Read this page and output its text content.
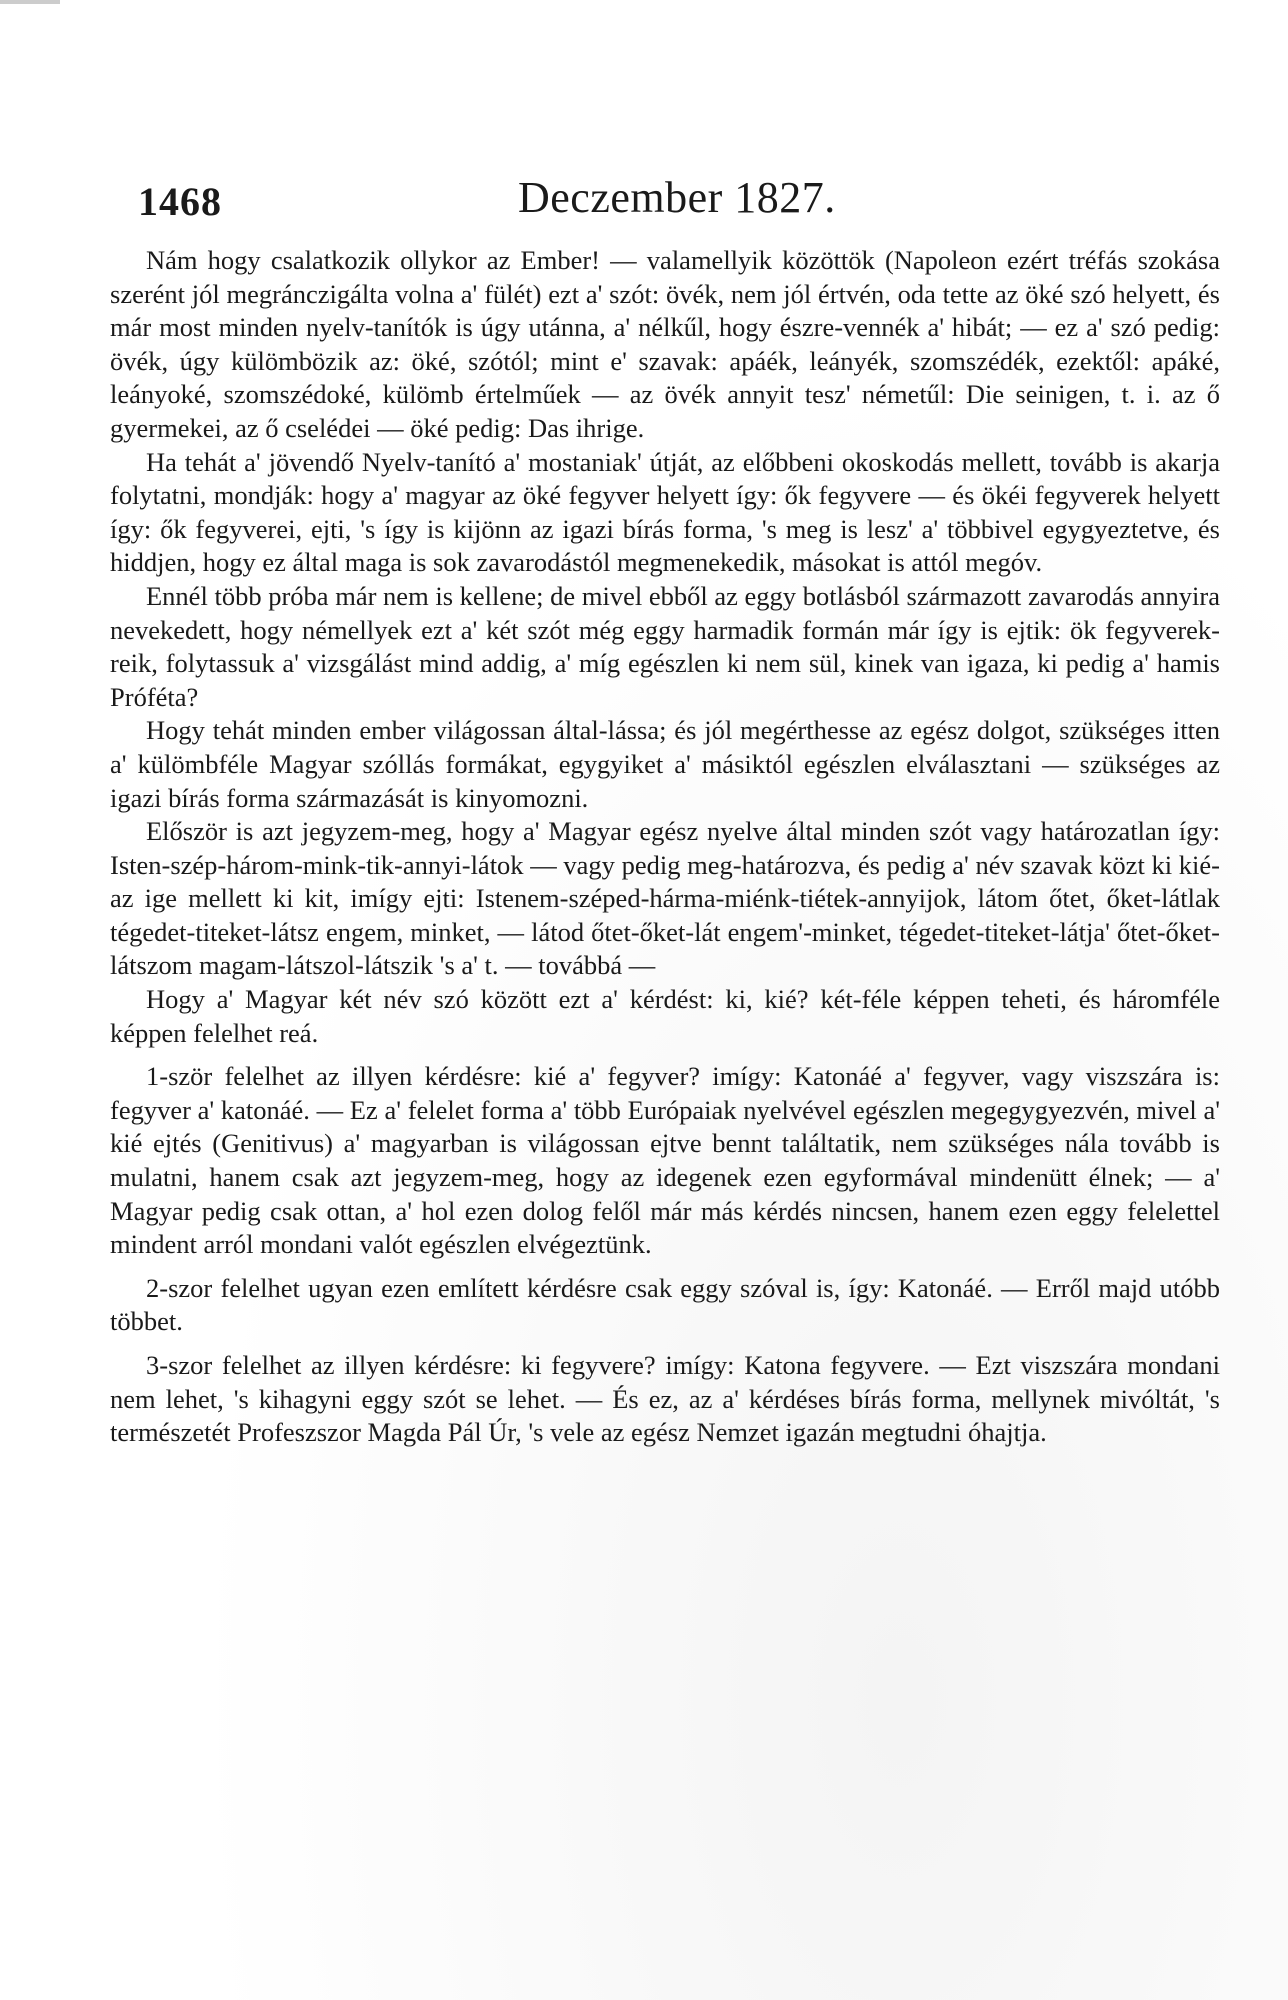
1468	Deczember 1827.

Nám hogy csalatkozik ollykor az Ember! — valamellyik közöttök (Napoleon ezért tréfás szokása szerént jól megránczigálta volna a' fülét) ezt a' szót: övék, nem jól értvén, oda tette az öké szó helyett, és már most minden nyelv-tanítók is úgy utánna, a' nélkűl, hogy észre-vennék a' hibát; — ez a' szó pedig: övék, úgy külömbözik az: öké, szótól; mint e' szavak: apáék, leányék, szomszédék, ezektől: apáké, leányoké, szomszédoké, külömb értelműek — az övék annyit tesz' németűl: Die seinigen, t. i. az ő gyermekei, az ő cselédei — öké pedig: Das ihrige.

Ha tehát a' jövendő Nyelv-tanító a' mostaniak' útját, az előbbeni okoskodás mellett, tovább is akarja folytatni, mondják: hogy a' magyar az öké fegyver helyett így: ők fegyvere — és ökéi fegyverek helyett így: ők fegyverei, ejti, 's így is kijönn az igazi bírás forma, 's meg is lesz' a' többivel egygyeztetve, és hiddjen, hogy ez által maga is sok zavarodástól megmenekedik, másokat is attól megóv.

Ennél több próba már nem is kellene; de mivel ebből az eggy botlásból származott zavarodás annyira nevekedett, hogy némellyek ezt a' két szót még eggy harmadik formán már így is ejtik: ök fegyverek-reik, folytassuk a' vizsgálást mind addig, a' míg egészlen ki nem sül, kinek van igaza, ki pedig a' hamis Próféta?

Hogy tehát minden ember világossan által-lássa; és jól megérthesse az egész dolgot, szükséges itten a' külömbféle Magyar szóllás formákat, egygyiket a' másiktól egészlen elválasztani — szükséges az igazi bírás forma származását is kinyomozni.

Először is azt jegyzem-meg, hogy a' Magyar egész nyelve által minden szót vagy határozatlan így: Isten-szép-három-mink-tik-annyi-látok — vagy pedig meg-határozva, és pedig a' név szavak közt ki kié-az ige mellett ki kit, imígy ejti: Istenem-széped-hárma-miénk-tiétek-annyijok, látom őtet, őket-látlak tégedet-titeket-látsz engem, minket, — látod őtet-őket-lát engem'-minket, tégedet-titeket-látja' őtet-őket-látszom magam-látszol-látszik 's a' t. — továbbá —

Hogy a' Magyar két név szó között ezt a' kérdést: ki, kié? két-féle képpen teheti, és háromféle képpen felelhet reá.

1-ször felelhet az illyen kérdésre: kié a' fegyver? imígy: Katonáé a' fegyver, vagy viszszára is: fegyver a' katonáé. — Ez a' felelet forma a' több Európaiak nyelvével egészlen megegygyezvén, mivel a' kié ejtés (Genitivus) a' magyarban is világossan ejtve bennt találtatik, nem szükséges nála tovább is mulatni, hanem csak azt jegyzem-meg, hogy az idegenek ezen egyformával mindenütt élnek; — a' Magyar pedig csak ottan, a' hol ezen dolog felől már más kérdés nincsen, hanem ezen eggy felelettel mindent arról mondani valót egészlen elvégeztünk.

2-szor felelhet ugyan ezen említett kérdésre csak eggy szóval is, így: Katonáé. — Erről majd utóbb többet.

3-szor felelhet az illyen kérdésre: ki fegyvere? imígy: Katona fegyvere. — Ezt viszszára mondani nem lehet, 's kihagyni eggy szót se lehet. — És ez, az a' kérdéses bírás forma, mellynek mivóltát, 's természetét Profeszszor Magda Pál Úr, 's vele az egész Nemzet igazán megtudni óhajtja.
